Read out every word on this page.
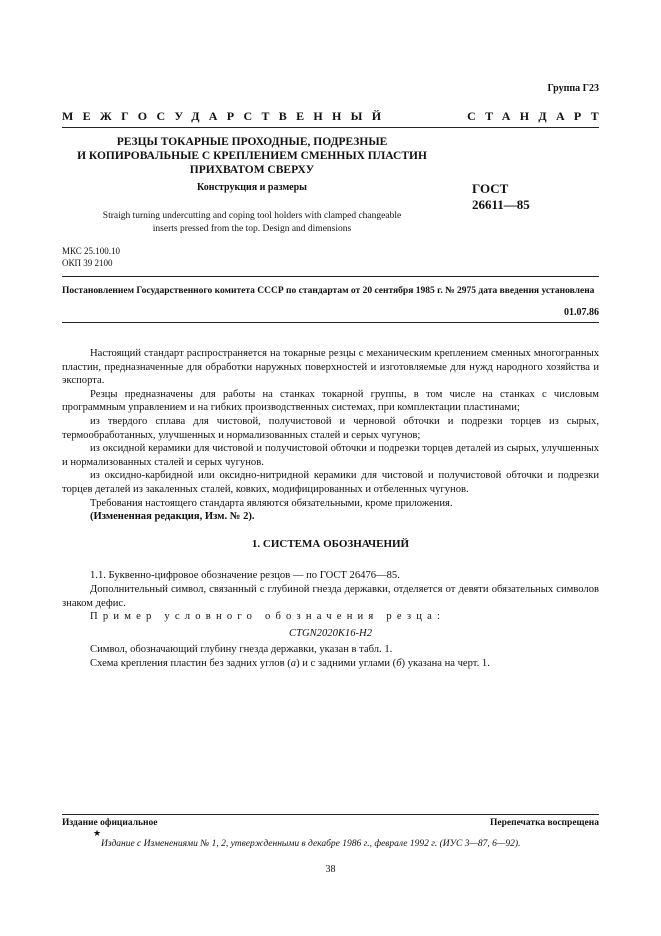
Группа Г23
МЕЖГОСУДАРСТВЕННЫЙ	СТАНДАРТ
РЕЗЦЫ ТОКАРНЫЕ ПРОХОДНЫЕ, ПОДРЕЗНЫЕ
И КОПИРОВАЛЬНЫЕ С КРЕПЛЕНИЕМ СМЕННЫХ ПЛАСТИН
ПРИХВАТОМ СВЕРХУ
Конструкция и размеры	ГОСТ
26611—85
Straigh turning undercutting and coping tool holders with clamped changeable
inserts pressed from the top. Design and dimensions
МКС 25.100.10
ОКП 39 2100
Постановлением Государственного комитета СССР по стандартам от 20 сентября 1985 г. № 2975 дата введения установлена
01.07.86

Настоящий стандарт распространяется на токарные резцы с механическим креплением сменных многогранных пластин, предназначенные для обработки наружных поверхностей и изготовляемые для нужд народного хозяйства и экспорта.

Резцы предназначены для работы на станках токарной группы, в том числе на станках с числовым программным управлением и на гибких производственных системах, при комплектации пластинами;

из твердого сплава для чистовой, получистовой и черновой обточки и подрезки торцев из сырых, термообработанных, улучшенных и нормализованных сталей и серых чугунов;

из оксидной керамики для чистовой и получистовой обточки и подрезки торцев деталей из сырых, улучшенных и нормализованных сталей и серых чугунов.

из оксидно-карбидной или оксидно-нитридной керамики для чистовой и получистовой обточки и подрезки торцев деталей из закаленных сталей, ковких, модифицированных и отбеленных чугунов.

Требования настоящего стандарта являются обязательными, кроме приложения.

(Измененная редакция, Изм. № 2).

1. СИСТЕМА ОБОЗНАЧЕНИЙ

1.1. Буквенно-цифровое обозначение резцов — по ГОСТ 26476—85.

Дополнительный символ, связанный с глубиной гнезда державки, отделяется от девяти обязательных символов знаком дефис.

Пример условного обозначения резца:

CTGN2020K16-H2

Символ, обозначающий глубину гнезда державки, указан в табл. 1.

Схема крепления пластин без задних углов (а) и с задними углами (б) указана на черт. 1.

Издание официальное	Перепечатка воспрещена
★
Издание с Изменениями № 1, 2, утвержденными в декабре 1986 г., феврале 1992 г. (ИУС 3—87, 6—92).
38
